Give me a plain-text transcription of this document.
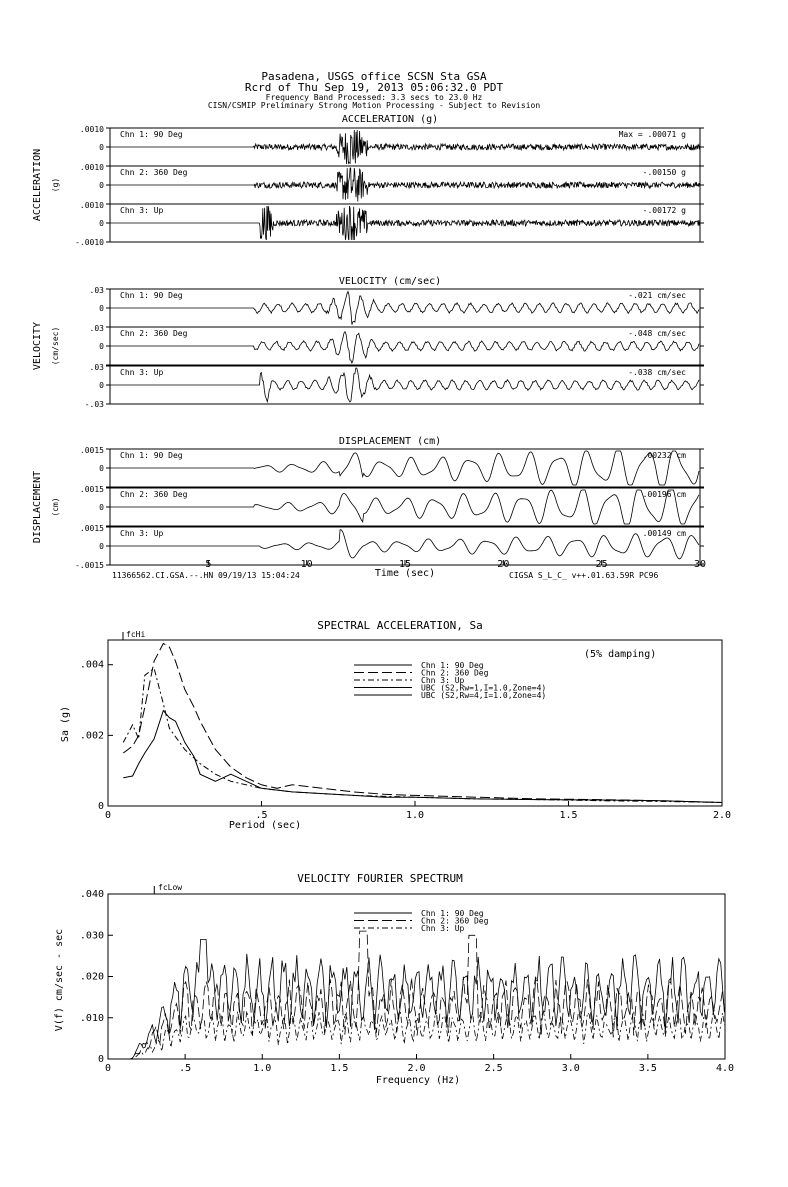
Pasadena, USGS office SCSN Sta GSA
Rcrd of Thu Sep 19, 2013 05:06:32.0 PDT
Frequency Band Processed: 3.3 secs to 23.0 Hz
CISN/CSMIP Preliminary Strong Motion Processing - Subject to Revision
ACCELERATION (g)
ACCELERATION (g)
.0010
0
Chn 1: 90 Deg	Max = .00071 g
.0010
0
Chn 2: 360 Deg	-.00150 g
.0010
0
-.0010
Chn 3: Up	-.00172 g
VELOCITY (cm/sec)
VELOCITY (cm/sec)
.03
0
Chn 1: 90 Deg	-.021 cm/sec
.03
0
Chn 2: 360 Deg	-.048 cm/sec
.03
0
-.03
Chn 3: Up	-.038 cm/sec
DISPLACEMENT (cm)
DISPLACEMENT (cm)
.0015
0
Chn 1: 90 Deg	.00232 cm
.0015
0
Chn 2: 360 Deg	.00196 cm
.0015
0
-.0015
Chn 3: Up	.00149 cm
5	10	15	20	25	30
Time (sec)
11366562.CI.GSA.--.HN 09/19/13 15:04:24	CIGSA S_L_C_ v++.01.63.59R PC96
SPECTRAL ACCELERATION, Sa
Period (sec)
Sa (g)
(5% damping)
fcHi
0	.5	1.0	1.5	2.0
0
.002
.004	Chn 1: 90 Deg
Chn 2: 360 Deg
Chn 3: Up
UBC (S2,Rw=1,I=1.0,Zone=4)
UBC (S2,Rw=4,I=1.0,Zone=4)
VELOCITY FOURIER SPECTRUM
Frequency (Hz)
V(f) cm/sec - sec
fcLow
0	.5	1.0	1.5	2.0	2.5	3.0	3.5	4.0
0
.010
.020
.030
.040
Chn 1: 90 Deg
Chn 2: 360 Deg
Chn 3: Up
